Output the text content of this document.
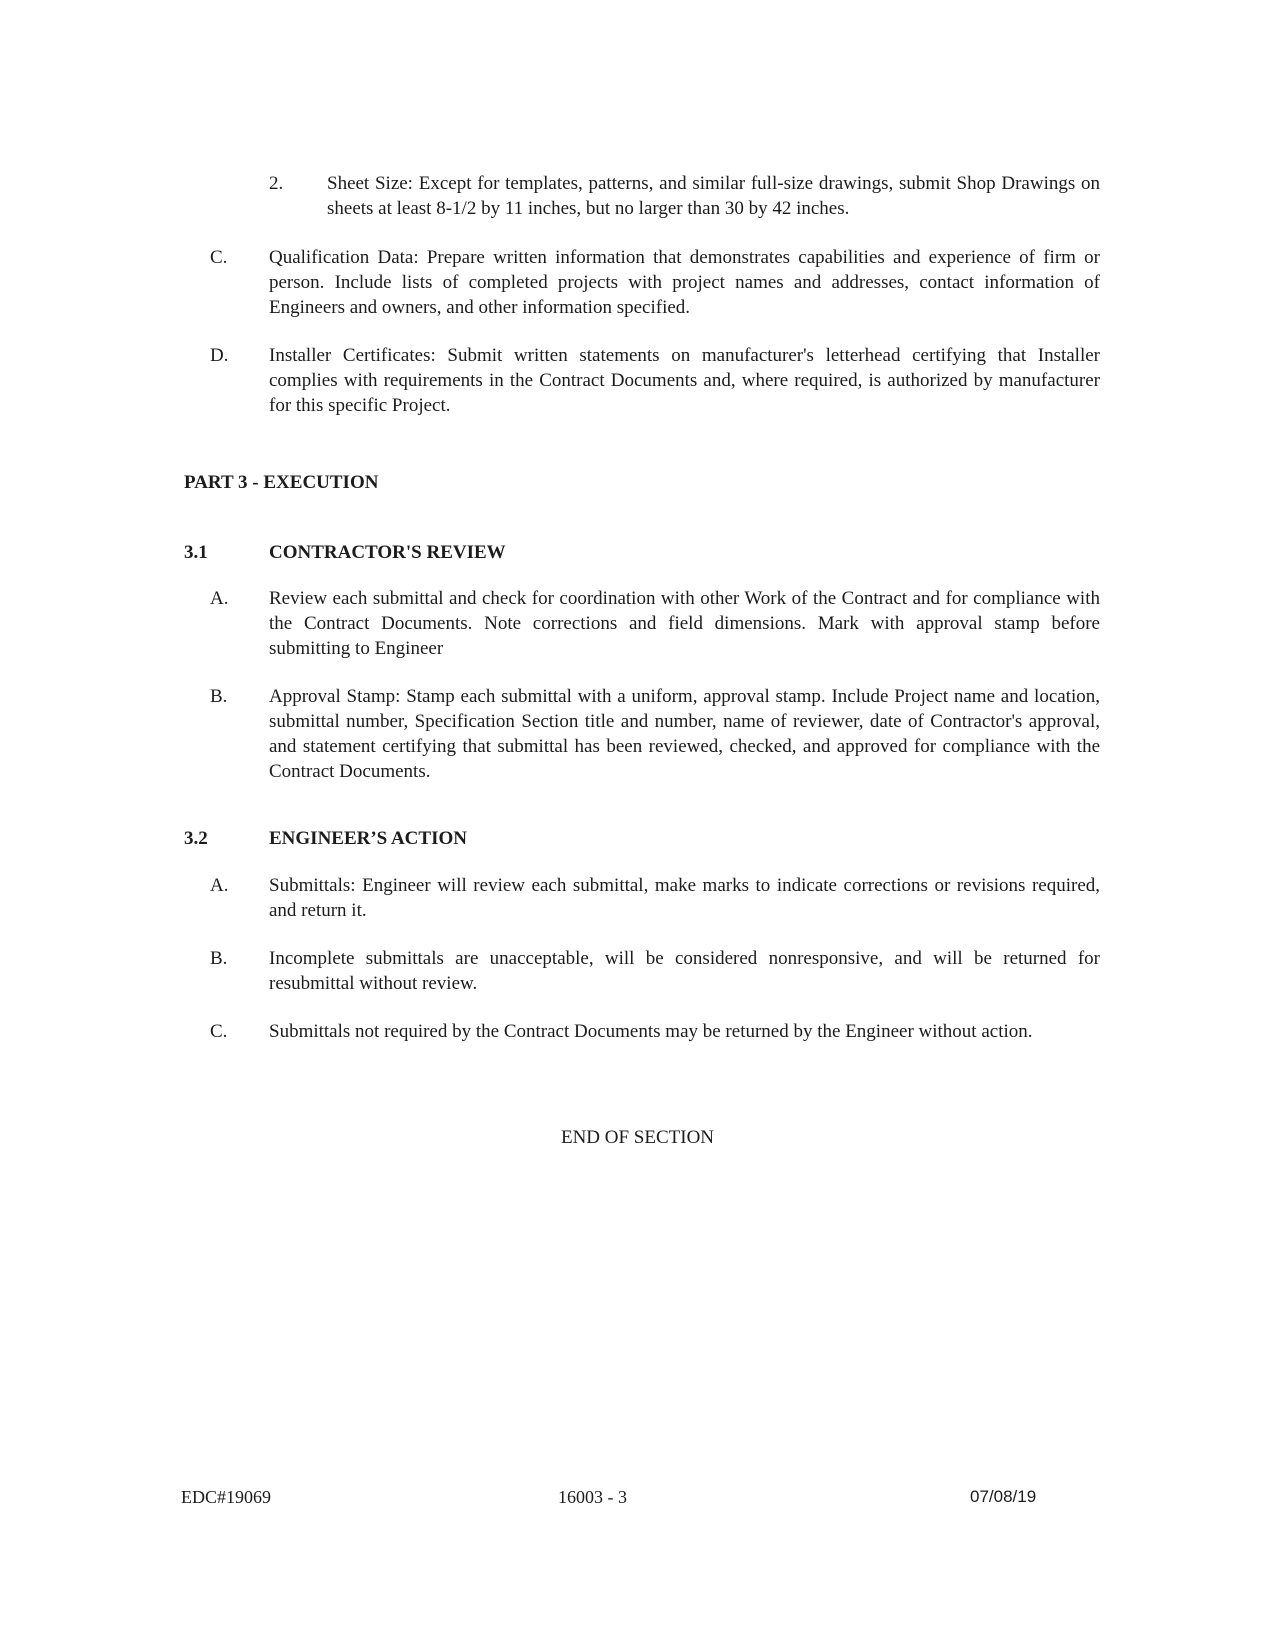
2. Sheet Size: Except for templates, patterns, and similar full-size drawings, submit Shop Drawings on sheets at least 8-1/2 by 11 inches, but no larger than 30 by 42 inches.
C. Qualification Data: Prepare written information that demonstrates capabilities and experience of firm or person. Include lists of completed projects with project names and addresses, contact information of Engineers and owners, and other information specified.
D. Installer Certificates: Submit written statements on manufacturer's letterhead certifying that Installer complies with requirements in the Contract Documents and, where required, is authorized by manufacturer for this specific Project.
PART 3 - EXECUTION
3.1	CONTRACTOR'S REVIEW
A. Review each submittal and check for coordination with other Work of the Contract and for compliance with the Contract Documents. Note corrections and field dimensions. Mark with approval stamp before submitting to Engineer
B. Approval Stamp: Stamp each submittal with a uniform, approval stamp. Include Project name and location, submittal number, Specification Section title and number, name of reviewer, date of Contractor's approval, and statement certifying that submittal has been reviewed, checked, and approved for compliance with the Contract Documents.
3.2	ENGINEER’S ACTION
A. Submittals: Engineer will review each submittal, make marks to indicate corrections or revisions required, and return it.
B. Incomplete submittals are unacceptable, will be considered nonresponsive, and will be returned for resubmittal without review.
C. Submittals not required by the Contract Documents may be returned by the Engineer without action.
END OF SECTION
EDC#19069	16003 - 3	07/08/19
